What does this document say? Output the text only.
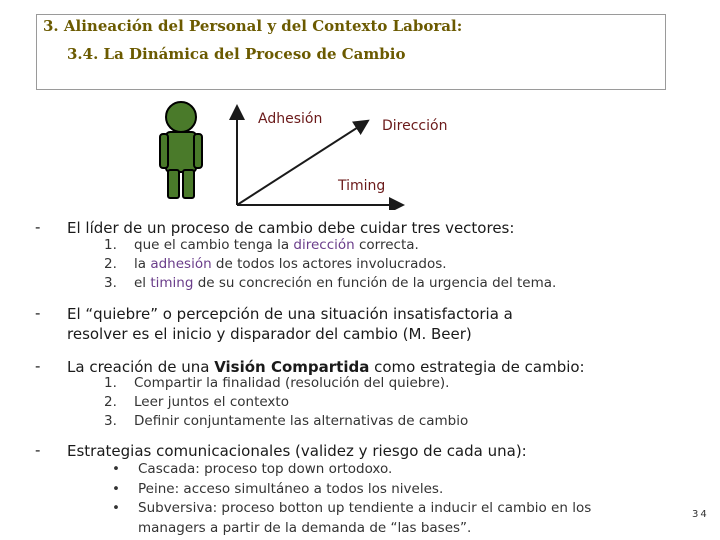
3. Alineación del Personal y del Contexto Laboral:
3.4. La Dinámica del Proceso de Cambio
Adhesión	Dirección
Timing
- El líder de un proceso de cambio debe cuidar tres vectores:
1. que el cambio tenga la dirección correcta.
2. la adhesión de todos los actores involucrados.
3. el timing de su concreción en función de la urgencia del tema.
- El “quiebre” o percepción de una situación insatisfactoria a
resolver es el inicio y disparador del cambio (M. Beer)
- La creación de una Visión Compartida como estrategia de cambio:
1. Compartir la finalidad (resolución del quiebre).
2. Leer juntos el contexto
3. Definir conjuntamente las alternativas de cambio
- Estrategias comunicacionales (validez y riesgo de cada una):
• Cascada: proceso top down ortodoxo.
• Peine: acceso simultáneo a todos los niveles.
• Subversiva: proceso botton up tendiente a inducir el cambio en los
managers a partir de la demanda de “las bases”.
34
